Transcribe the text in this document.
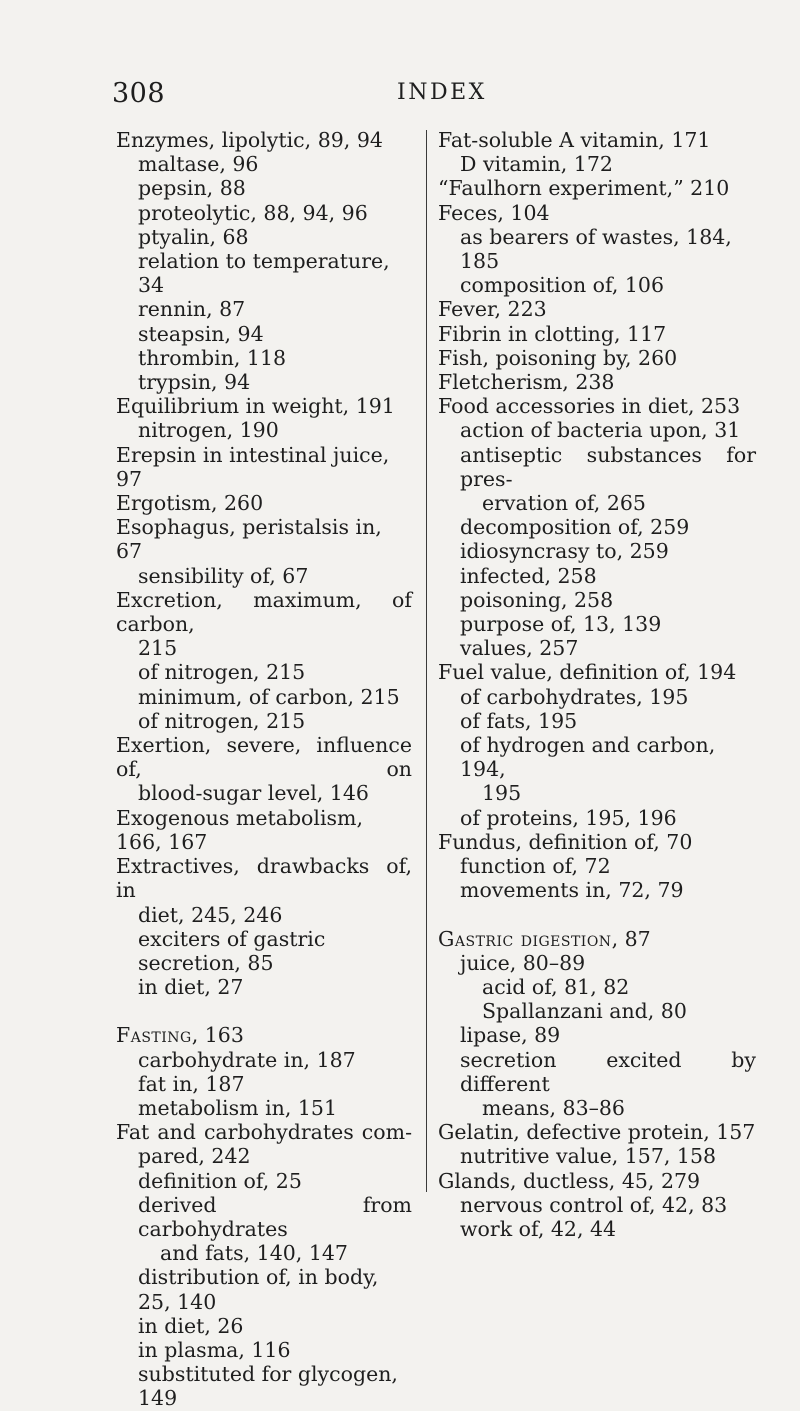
308	INDEX
Enzymes, lipolytic, 89, 94
maltase, 96
pepsin, 88
proteolytic, 88, 94, 96
ptyalin, 68
relation to temperature, 34
rennin, 87
steapsin, 94
thrombin, 118
trypsin, 94
Equilibrium in weight, 191
nitrogen, 190
Erepsin in intestinal juice, 97
Ergotism, 260
Esophagus, peristalsis in, 67
sensibility of, 67
Excretion, maximum, of carbon,
215
of nitrogen, 215
minimum, of carbon, 215
of nitrogen, 215
Exertion, severe, influence of, on
blood-sugar level, 146
Exogenous metabolism, 166, 167
Extractives, drawbacks of, in
diet, 245, 246
exciters of gastric secretion, 85
in diet, 27
Fasting, 163
carbohydrate in, 187
fat in, 187
metabolism in, 151
Fat and carbohydrates com-
pared, 242
definition of, 25
derived from carbohydrates
and fats, 140, 147
distribution of, in body, 25, 140
in diet, 26
in plasma, 116
substituted for glycogen, 149
Fat-soluble A vitamin, 171
D vitamin, 172
“Faulhorn experiment,” 210
Feces, 104
as bearers of wastes, 184, 185
composition of, 106
Fever, 223
Fibrin in clotting, 117
Fish, poisoning by, 260
Fletcherism, 238
Food accessories in diet, 253
action of bacteria upon, 31
antiseptic substances for pres-
ervation of, 265
decomposition of, 259
idiosyncrasy to, 259
infected, 258
poisoning, 258
purpose of, 13, 139
values, 257
Fuel value, definition of, 194
of carbohydrates, 195
of fats, 195
of hydrogen and carbon, 194,
195
of proteins, 195, 196
Fundus, definition of, 70
function of, 72
movements in, 72, 79
Gastric digestion, 87
juice, 80–89
acid of, 81, 82
Spallanzani and, 80
lipase, 89
secretion excited by different
means, 83–86
Gelatin, defective protein, 157
nutritive value, 157, 158
Glands, ductless, 45, 279
nervous control of, 42, 83
work of, 42, 44
